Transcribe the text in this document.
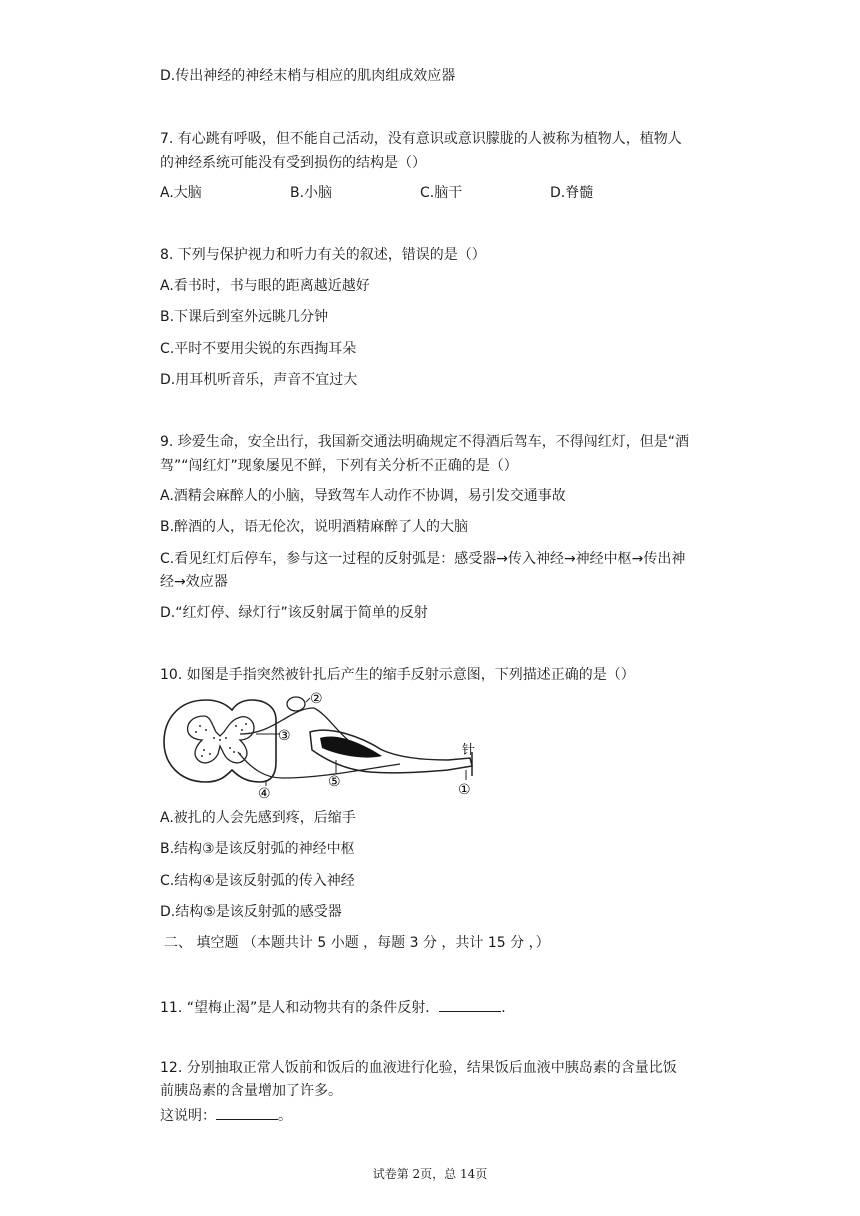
D.传出神经的神经末梢与相应的肌肉组成效应器
7. 有心跳有呼吸，但不能自己活动，没有意识或意识朦胧的人被称为植物人，植物人
的神经系统可能没有受到损伤的结构是（）
A.大脑	B.小脑	C.脑干	D.脊髓
8. 下列与保护视力和听力有关的叙述，错误的是（）
A.看书时，书与眼的距离越近越好
B.下课后到室外远眺几分钟
C.平时不要用尖锐的东西掏耳朵
D.用耳机听音乐，声音不宜过大
9. 珍爱生命，安全出行，我国新交通法明确规定不得酒后驾车，不得闯红灯，但是“酒
驾”“闯红灯”现象屡见不鲜，下列有关分析不正确的是（）
A.酒精会麻醉人的小脑，导致驾车人动作不协调，易引发交通事故
B.醉酒的人，语无伦次，说明酒精麻醉了人的大脑
C.看见红灯后停车，参与这一过程的反射弧是：感受器→传入神经→神经中枢→传出神
经→效应器
D.“红灯停、绿灯行”该反射属于简单的反射
10. 如图是手指突然被针扎后产生的缩手反射示意图，下列描述正确的是（）
②
③
④
⑤	①
针
A.被扎的人会先感到疼，后缩手
B.结构③是该反射弧的神经中枢
C.结构④是该反射弧的传入神经
D.结构⑤是该反射弧的感受器
二、 填空题 （本题共计 5 小题 ，每题 3 分 ，共计 15 分 ，）
11. “望梅止渴”是人和动物共有的条件反射．	．
12. 分别抽取正常人饭前和饭后的血液进行化验，结果饭后血液中胰岛素的含量比饭
前胰岛素的含量增加了许多。
这说明：	。
试卷第 2页，总 14页
